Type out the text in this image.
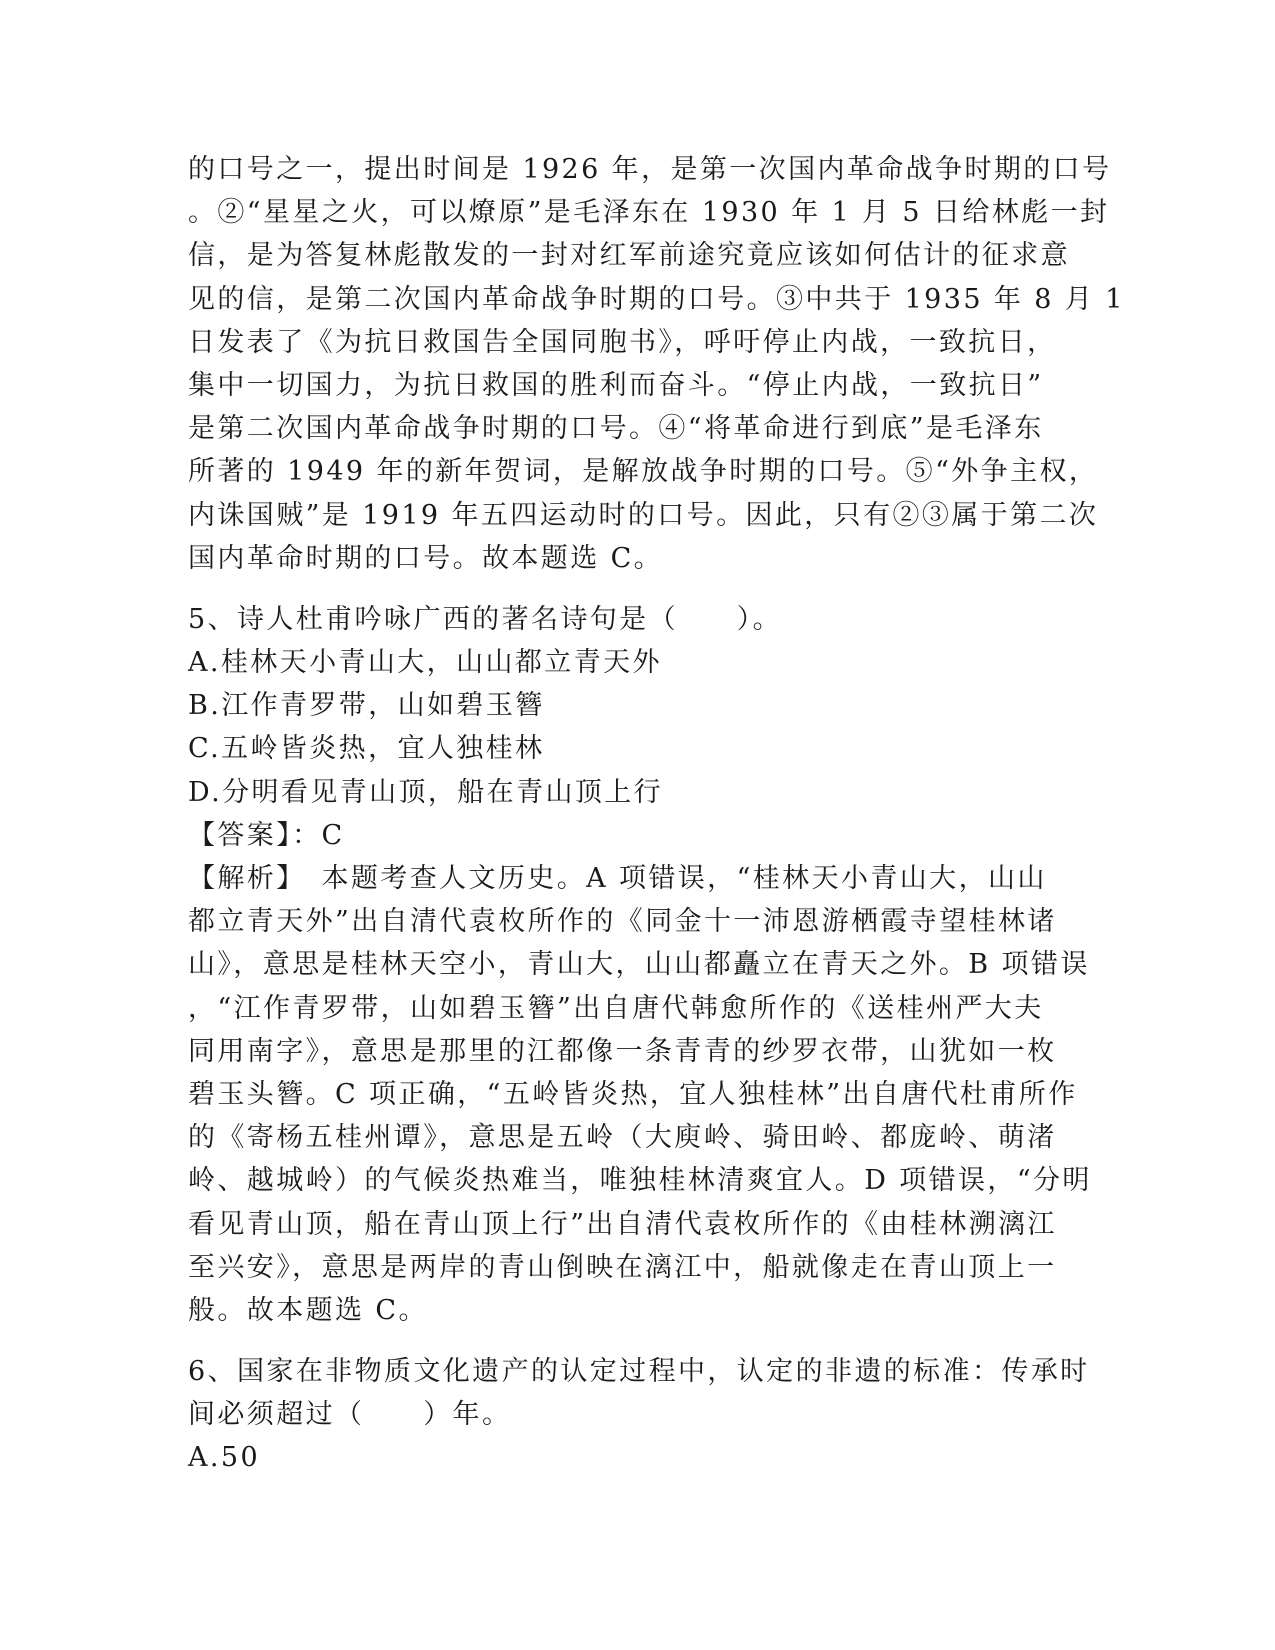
的口号之一，提出时间是 1926 年，是第一次国内革命战争时期的口号
。②“星星之火，可以燎原”是毛泽东在 1930 年 1 月 5 日给林彪一封
信，是为答复林彪散发的一封对红军前途究竟应该如何估计的征求意
见的信，是第二次国内革命战争时期的口号。③中共于 1935 年 8 月 1
日发表了《为抗日救国告全国同胞书》，呼吁停止内战，一致抗日，
集中一切国力，为抗日救国的胜利而奋斗。“停止内战，一致抗日”
是第二次国内革命战争时期的口号。④“将革命进行到底”是毛泽东
所著的 1949 年的新年贺词，是解放战争时期的口号。⑤“外争主权，
内诛国贼”是 1919 年五四运动时的口号。因此，只有②③属于第二次
国内革命时期的口号。故本题选 C。
5、诗人杜甫吟咏广西的著名诗句是（　　）。
A.桂林天小青山大，山山都立青天外
B.江作青罗带，山如碧玉簪
C.五岭皆炎热，宜人独桂林
D.分明看见青山顶，船在青山顶上行
【答案】：C
【解析】　本题考查人文历史。A 项错误，“桂林天小青山大，山山
都立青天外”出自清代袁枚所作的《同金十一沛恩游栖霞寺望桂林诸
山》，意思是桂林天空小，青山大，山山都矗立在青天之外。B 项错误
，“江作青罗带，山如碧玉簪”出自唐代韩愈所作的《送桂州严大夫
同用南字》，意思是那里的江都像一条青青的纱罗衣带，山犹如一枚
碧玉头簪。C 项正确，“五岭皆炎热，宜人独桂林”出自唐代杜甫所作
的《寄杨五桂州谭》，意思是五岭（大庾岭、骑田岭、都庞岭、萌渚
岭、越城岭）的气候炎热难当，唯独桂林清爽宜人。D 项错误，“分明
看见青山顶，船在青山顶上行”出自清代袁枚所作的《由桂林溯漓江
至兴安》，意思是两岸的青山倒映在漓江中，船就像走在青山顶上一
般。故本题选 C。
6、国家在非物质文化遗产的认定过程中，认定的非遗的标准：传承时
间必须超过（　　）年。
A.50
